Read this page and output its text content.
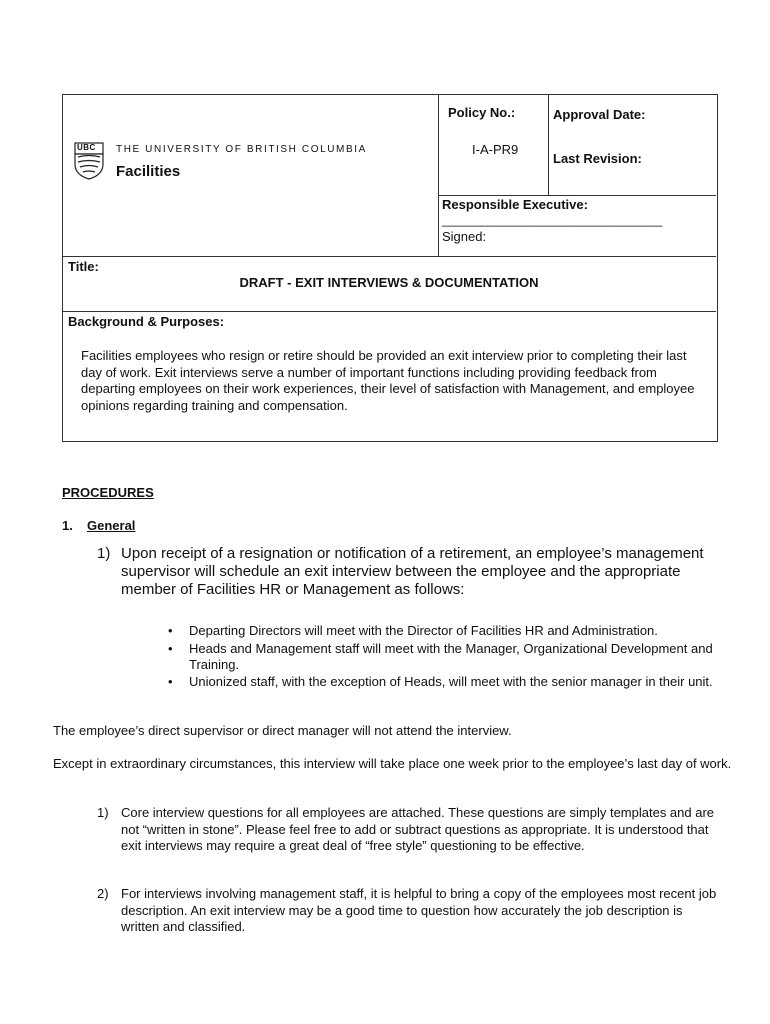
UBC THE UNIVERSITY OF BRITISH COLUMBIA
Facilities
Policy No.:
I-A-PR9
Approval Date:
Last Revision:
Responsible Executive:
_________________________________
Signed:
Title:
DRAFT - EXIT INTERVIEWS & DOCUMENTATION
Background & Purposes:
Facilities employees who resign or retire should be provided an exit interview prior to completing their last day of work. Exit interviews serve a number of important functions including providing feedback from departing employees on their work experiences, their level of satisfaction with Management, and employee opinions regarding training and compensation.
PROCEDURES
1. General
1) Upon receipt of a resignation or notification of a retirement, an employee’s management supervisor will schedule an exit interview between the employee and the appropriate member of Facilities HR or Management as follows:
• Departing Directors will meet with the Director of Facilities HR and Administration.
• Heads and Management staff will meet with the Manager, Organizational Development and Training.
• Unionized staff, with the exception of Heads, will meet with the senior manager in their unit.
The employee’s direct supervisor or direct manager will not attend the interview.
Except in extraordinary circumstances, this interview will take place one week prior to the employee’s last day of work.
1) Core interview questions for all employees are attached. These questions are simply templates and are not “written in stone”. Please feel free to add or subtract questions as appropriate. It is understood that exit interviews may require a great deal of “free style” questioning to be effective.
2) For interviews involving management staff, it is helpful to bring a copy of the employees most recent job description. An exit interview may be a good time to question how accurately the job description is written and classified.
